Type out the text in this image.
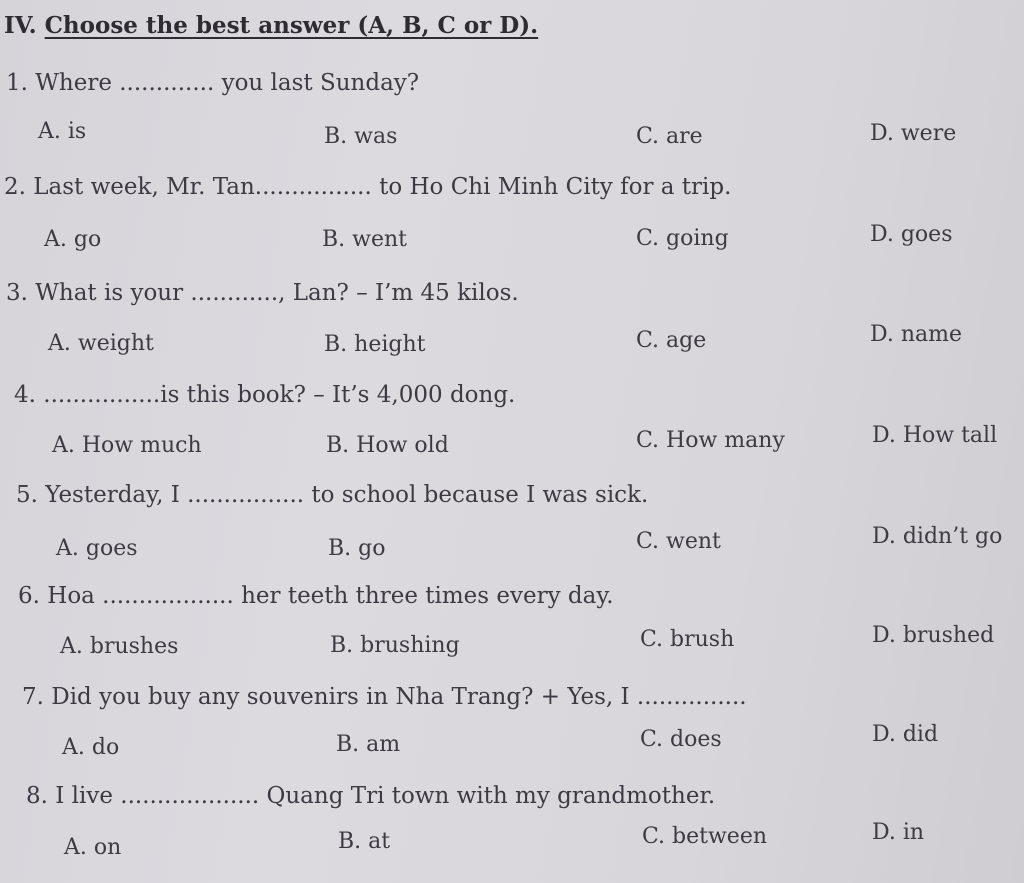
IV. Choose the best answer (A, B, C or D).
1. Where ............. you last Sunday?
A. is	B. was	C. are	D. were
2. Last week, Mr. Tan................ to Ho Chi Minh City for a trip.
A. go	B. went	C. going	D. goes
3. What is your ............, Lan? – I’m 45 kilos.
A. weight	B. height	C. age	D. name
4. ................is this book? – It’s 4,000 dong.
A. How much	B. How old	C. How many	D. How tall
5. Yesterday, I ................ to school because I was sick.
A. goes	B. go	C. went	D. didn’t go
6. Hoa .................. her teeth three times every day.
A. brushes	B. brushing	C. brush	D. brushed
7. Did you buy any souvenirs in Nha Trang? + Yes, I ...............
A. do	B. am	C. does	D. did
8. I live ................... Quang Tri town with my grandmother.
A. on	B. at	C. between	D. in
